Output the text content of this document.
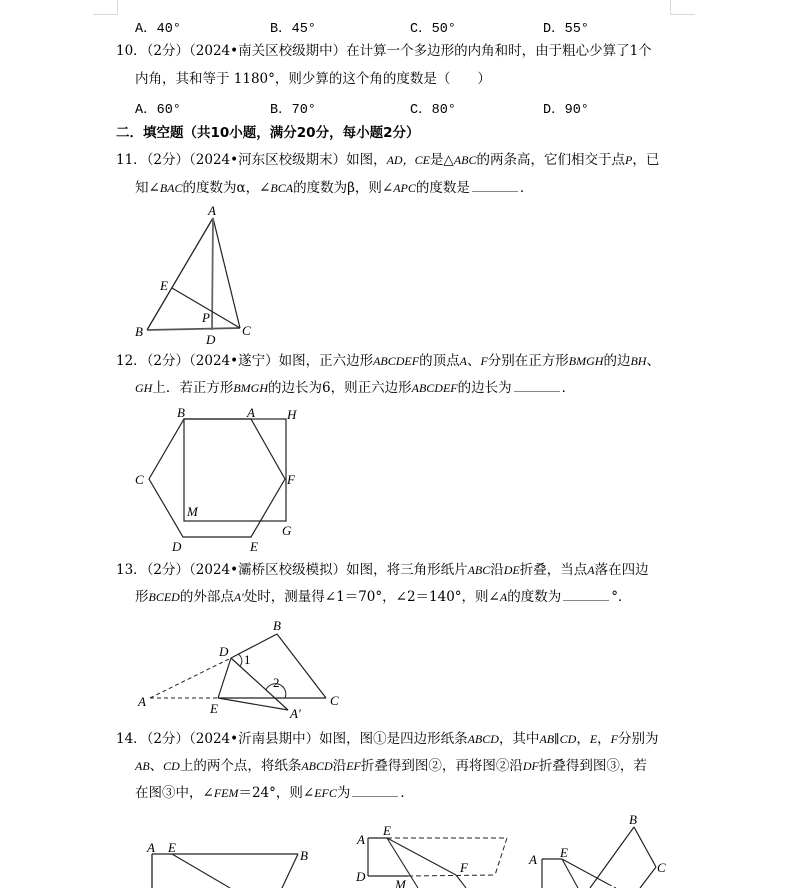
A．40°	B．45°	C．50°	D．55°
10．（2分）（2024•南关区校级期中）在计算一个多边形的内角和时，由于粗心少算了1个
内角，其和等于 1180°，则少算的这个角的度数是（　　）
A．60°	B．70°	C．80°	D．90°
二．填空题（共10小题，满分20分，每小题2分）
11．（2分）（2024•河东区校级期末）如图，AD，CE是△ABC的两条高，它们相交于点P，已
知∠BAC的度数为α，∠BCA的度数为β，则∠APC的度数是	．
A
B	C
D
E
P
12．（2分）（2024•遂宁）如图，正六边形ABCDEF的顶点A、F分别在正方形BMGH的边BH、
GH上．若正方形BMGH的边长为6，则正六边形ABCDEF的边长为	．
B	A H
C	F
M
G
D	E
13．（2分）（2024•灞桥区校级模拟）如图，将三角形纸片ABC沿DE折叠，当点A落在四边
形BCED的外部点A′处时，测量得∠1＝70°，∠2＝140°，则∠A的度数为	°．
1
2
A
B
C
D
E	A′
14．（2分）（2024•沂南县期中）如图，图①是四边形纸条ABCD，其中AB∥CD，E，F分别为
AB、CD上的两个点，将纸条ABCD沿EF折叠得到图②，再将图②沿DF折叠得到图③，若
在图③中，∠FEM＝24°，则∠EFC为	．
A E
B
A
E
D
F
M
A E
B
C
